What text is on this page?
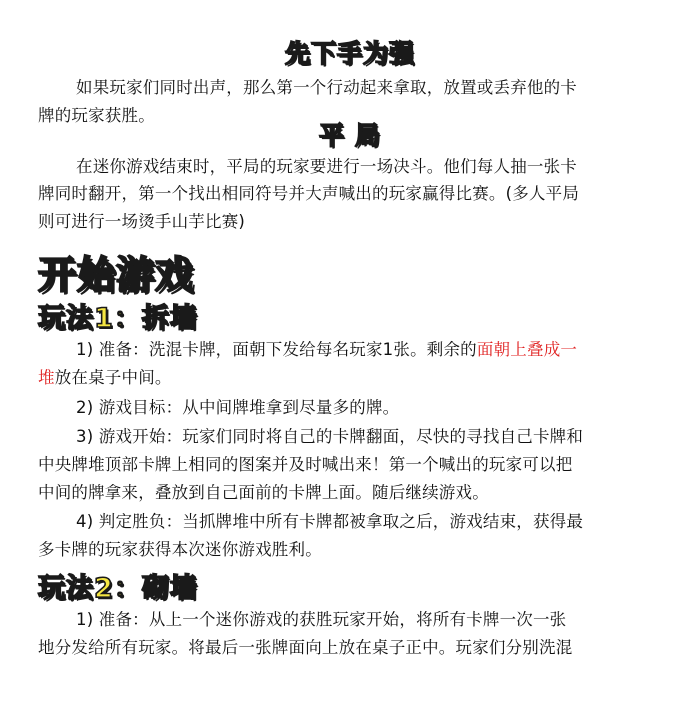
先下手为强
如果玩家们同时出声，那么第一个行动起来拿取，放置或丢弃他的卡
牌的玩家获胜。
平 局
在迷你游戏结束时，平局的玩家要进行一场决斗。他们每人抽一张卡
牌同时翻开，第一个找出相同符号并大声喊出的玩家赢得比赛。(多人平局
则可进行一场烫手山芋比赛)
开始游戏
玩法1：拆墙
1) 准备：洗混卡牌，面朝下发给每名玩家1张。剩余的面朝上叠成一
堆放在桌子中间。
2) 游戏目标：从中间牌堆拿到尽量多的牌。
3) 游戏开始：玩家们同时将自己的卡牌翻面，尽快的寻找自己卡牌和
中央牌堆顶部卡牌上相同的图案并及时喊出来！第一个喊出的玩家可以把
中间的牌拿来，叠放到自己面前的卡牌上面。随后继续游戏。
4) 判定胜负：当抓牌堆中所有卡牌都被拿取之后，游戏结束，获得最
多卡牌的玩家获得本次迷你游戏胜利。
玩法2：砌墙
1) 准备：从上一个迷你游戏的获胜玩家开始，将所有卡牌一次一张
地分发给所有玩家。将最后一张牌面向上放在桌子正中。玩家们分别洗混
